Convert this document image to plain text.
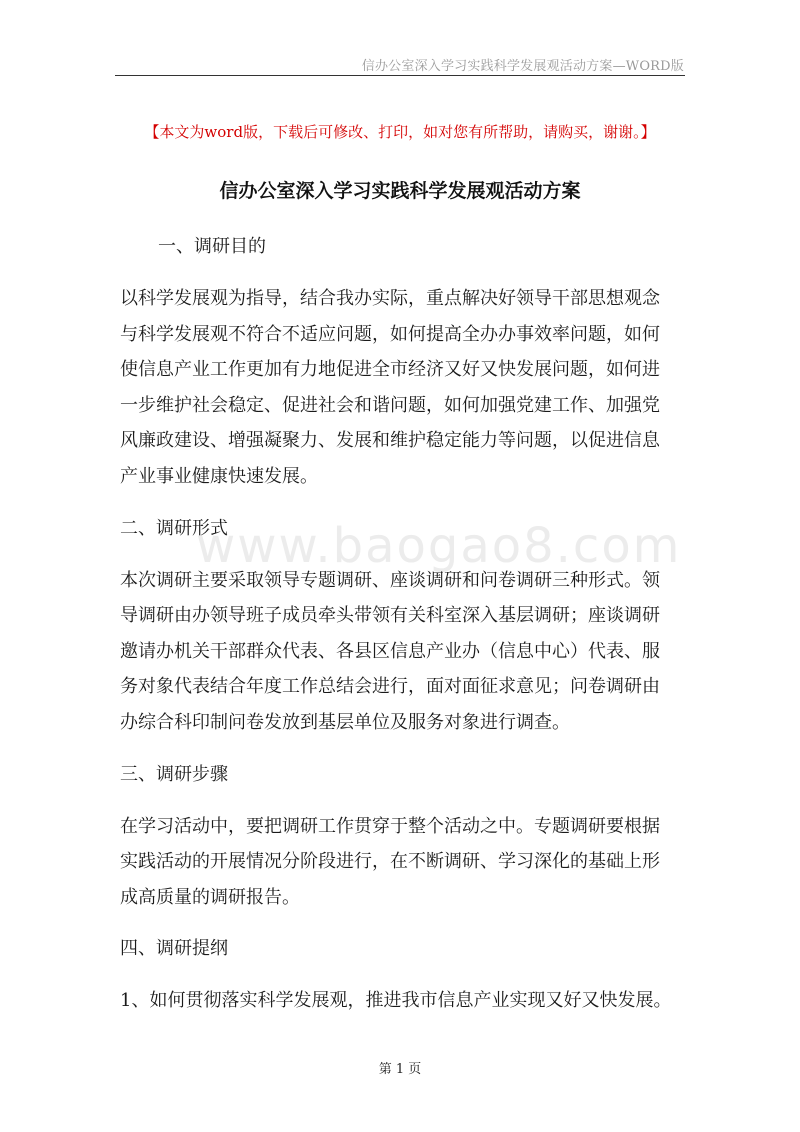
信办公室深入学习实践科学发展观活动方案—WORD版
【本文为word版，下载后可修改、打印，如对您有所帮助，请购买，谢谢。】
信办公室深入学习实践科学发展观活动方案
www.baogao8.com
一、调研目的
以科学发展观为指导，结合我办实际，重点解决好领导干部思想观念
与科学发展观不符合不适应问题，如何提高全办办事效率问题，如何
使信息产业工作更加有力地促进全市经济又好又快发展问题，如何进
一步维护社会稳定、促进社会和谐问题，如何加强党建工作、加强党
风廉政建设、增强凝聚力、发展和维护稳定能力等问题，以促进信息
产业事业健康快速发展。
二、调研形式
本次调研主要采取领导专题调研、座谈调研和问卷调研三种形式。领
导调研由办领导班子成员牵头带领有关科室深入基层调研；座谈调研
邀请办机关干部群众代表、各县区信息产业办（信息中心）代表、服
务对象代表结合年度工作总结会进行，面对面征求意见；问卷调研由
办综合科印制问卷发放到基层单位及服务对象进行调查。
三、调研步骤
在学习活动中，要把调研工作贯穿于整个活动之中。专题调研要根据
实践活动的开展情况分阶段进行，在不断调研、学习深化的基础上形
成高质量的调研报告。
四、调研提纲
1、如何贯彻落实科学发展观，推进我市信息产业实现又好又快发展。
第 1 页
